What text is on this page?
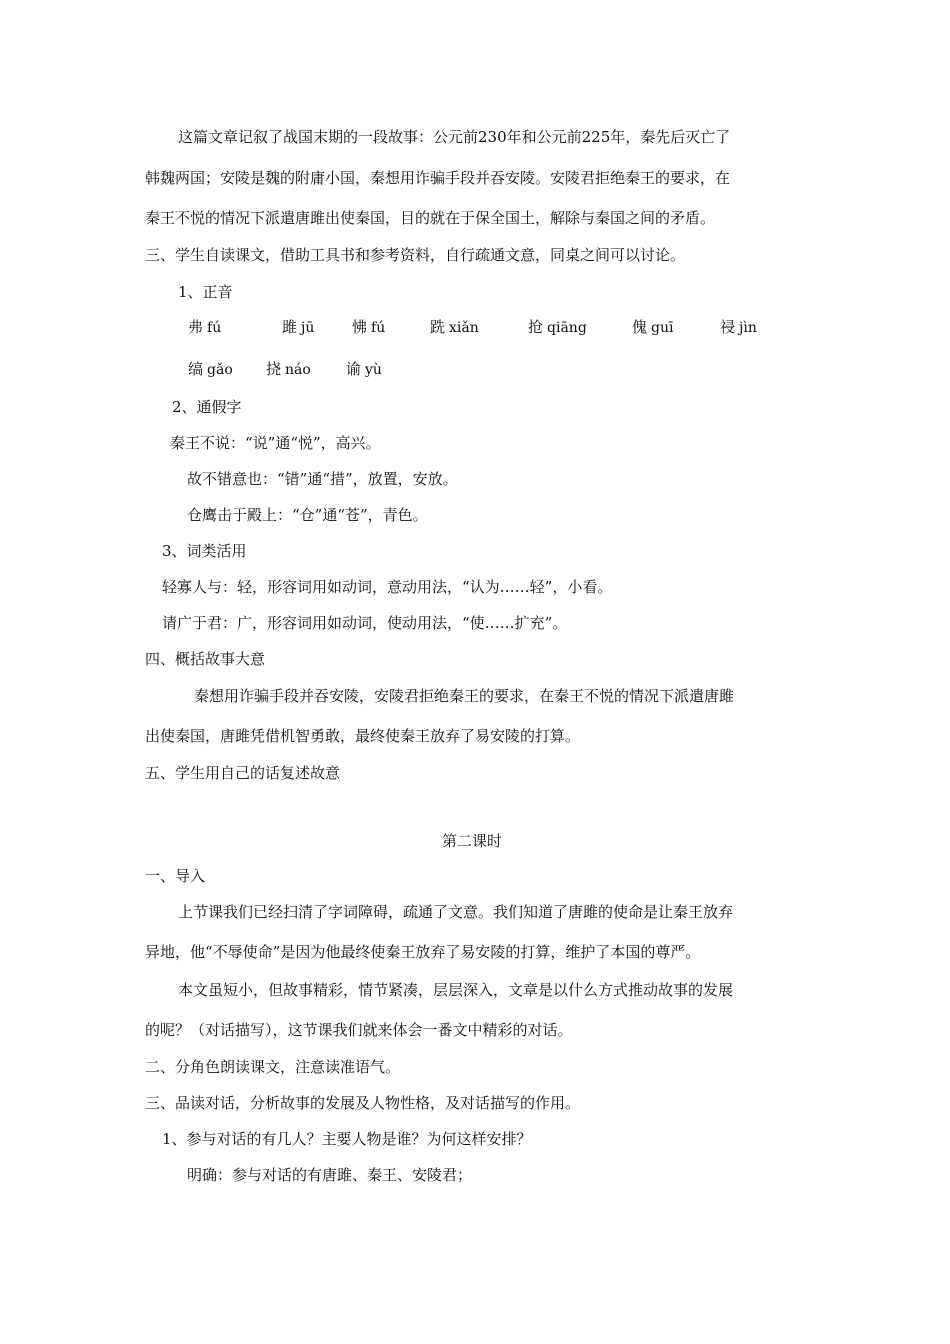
这篇文章记叙了战国末期的一段故事：公元前230年和公元前225年，秦先后灭亡了
韩魏两国；安陵是魏的附庸小国，秦想用诈骗手段并吞安陵。安陵君拒绝秦王的要求，在
秦王不悦的情况下派遣唐雎出使秦国，目的就在于保全国土，解除与秦国之间的矛盾。
三、学生自读课文，借助工具书和参考资料，自行疏通文意，同桌之间可以讨论。
1、正音
弗 fú	雎 jū	怫 fú	跣 xiǎn	抢 qiāng	傀 guī	祲 jìn
缟 gǎo 挠 náo 谕 yù
2、通假字
秦王不说：“说”通“悦”，高兴。
故不错意也：“错”通“措”，放置，安放。
仓鹰击于殿上：“仓”通“苍”，青色。
3、词类活用
轻寡人与：轻，形容词用如动词，意动用法，“认为……轻”，小看。
请广于君：广，形容词用如动词，使动用法，“使……扩充”。
四、概括故事大意
秦想用诈骗手段并吞安陵，安陵君拒绝秦王的要求，在秦王不悦的情况下派遣唐雎
出使秦国，唐雎凭借机智勇敢，最终使秦王放弃了易安陵的打算。
五、学生用自己的话复述故意
第二课时
一、导入
上节课我们已经扫清了字词障碍，疏通了文意。我们知道了唐雎的使命是让秦王放弃
异地，他“不辱使命”是因为他最终使秦王放弃了易安陵的打算，维护了本国的尊严。
本文虽短小，但故事精彩，情节紧凑，层层深入，文章是以什么方式推动故事的发展
的呢？（对话描写），这节课我们就来体会一番文中精彩的对话。
二、分角色朗读课文，注意读准语气。
三、品读对话，分析故事的发展及人物性格，及对话描写的作用。
1、参与对话的有几人？主要人物是谁？为何这样安排？
明确：参与对话的有唐雎、秦王、安陵君；
